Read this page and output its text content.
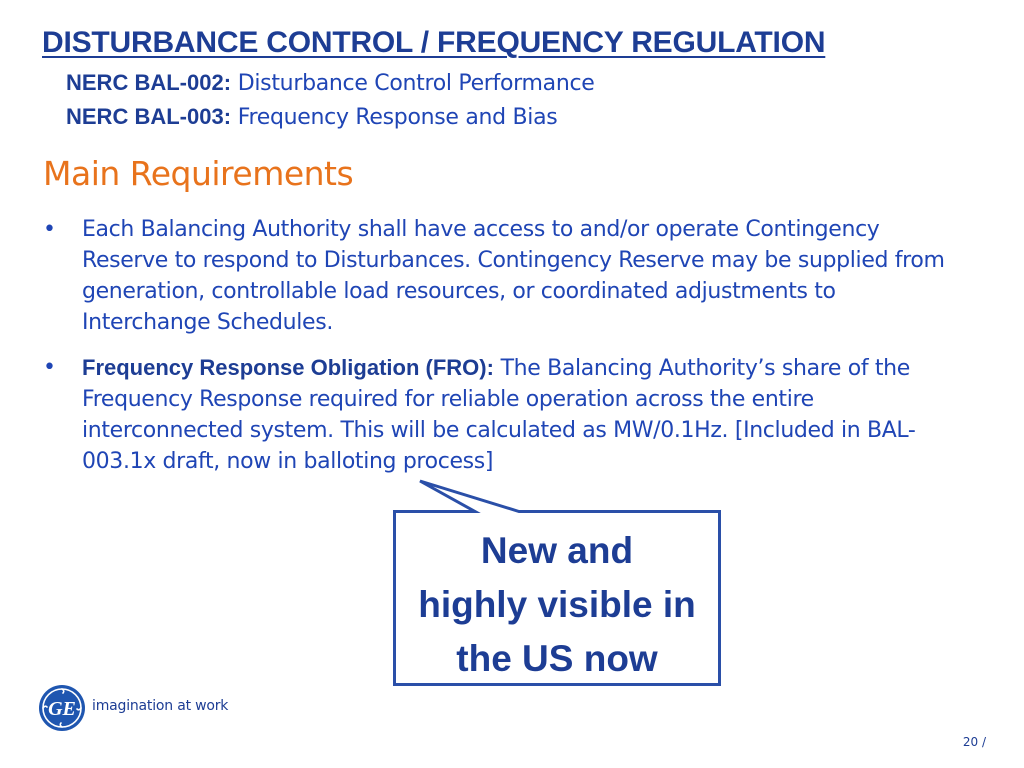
DISTURBANCE CONTROL / FREQUENCY REGULATION
NERC BAL-002: Disturbance Control Performance
NERC BAL-003: Frequency Response and Bias
Main Requirements
• Each Balancing Authority shall have access to and/or operate Contingency Reserve to respond to Disturbances. Contingency Reserve may be supplied from generation, controllable load resources, or coordinated adjustments to Interchange Schedules.
• Frequency Response Obligation (FRO): The Balancing Authority’s share of the Frequency Response required for reliable operation across the entire interconnected system. This will be calculated as MW/0.1Hz. [Included in BAL-003.1x draft, now in balloting process]
New and
highly visible in
the US now
GE imagination at work
20 /
